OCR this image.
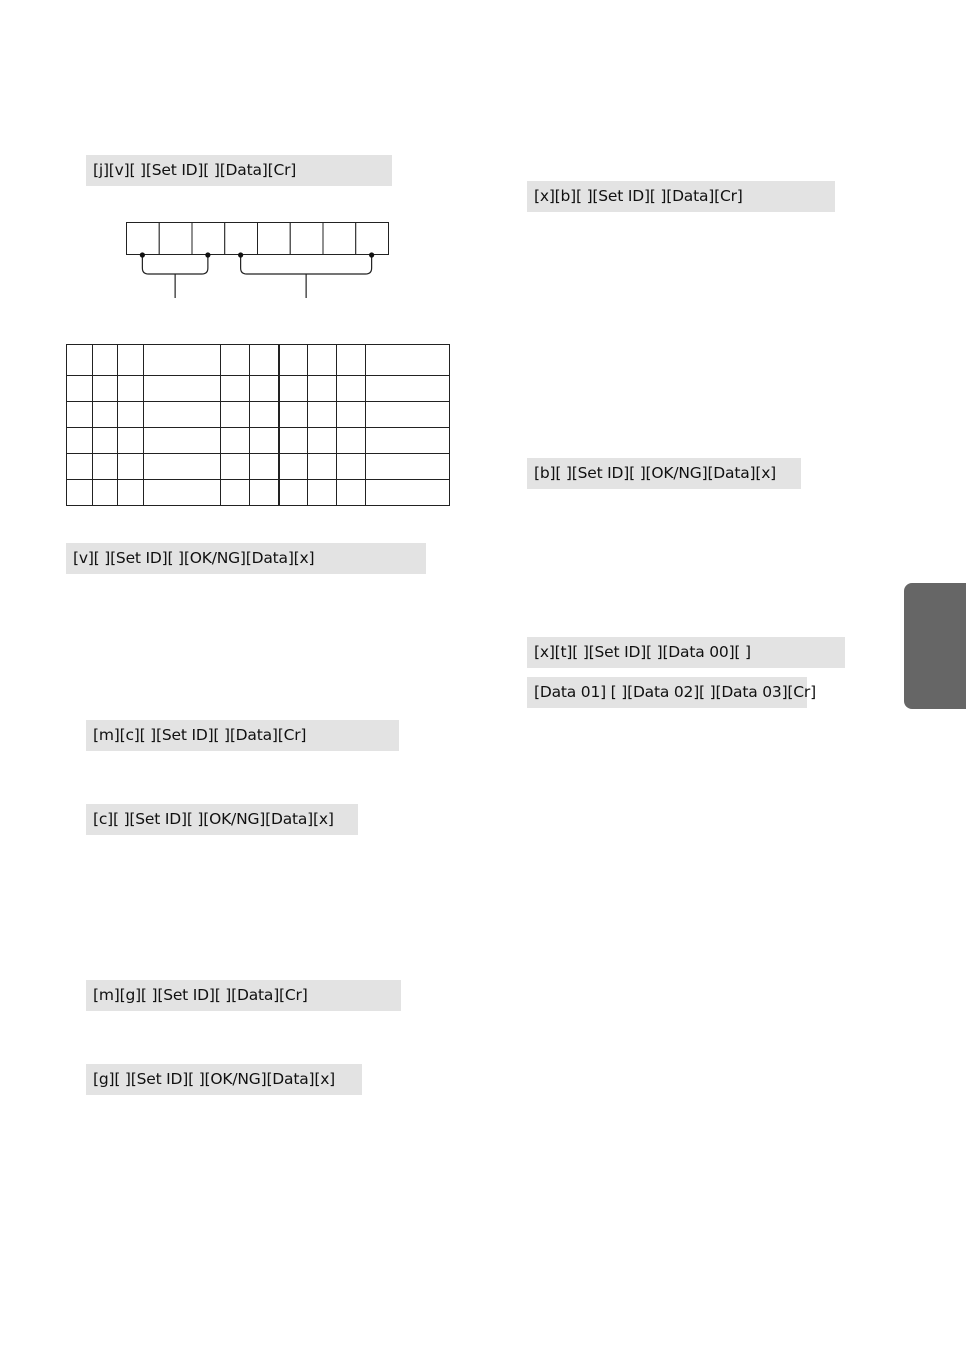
[j][v][ ][Set ID][ ][Data][Cr]

[v][ ][Set ID][ ][OK/NG][Data][x]
[m][c][ ][Set ID][ ][Data][Cr]
[c][ ][Set ID][ ][OK/NG][Data][x]
[m][g][ ][Set ID][ ][Data][Cr]
[g][ ][Set ID][ ][OK/NG][Data][x]
[x][b][ ][Set ID][ ][Data][Cr]
[b][ ][Set ID][ ][OK/NG][Data][x]
[x][t][ ][Set ID][ ][Data 00][ ]
[Data 01] [ ][Data 02][ ][Data 03][Cr]
